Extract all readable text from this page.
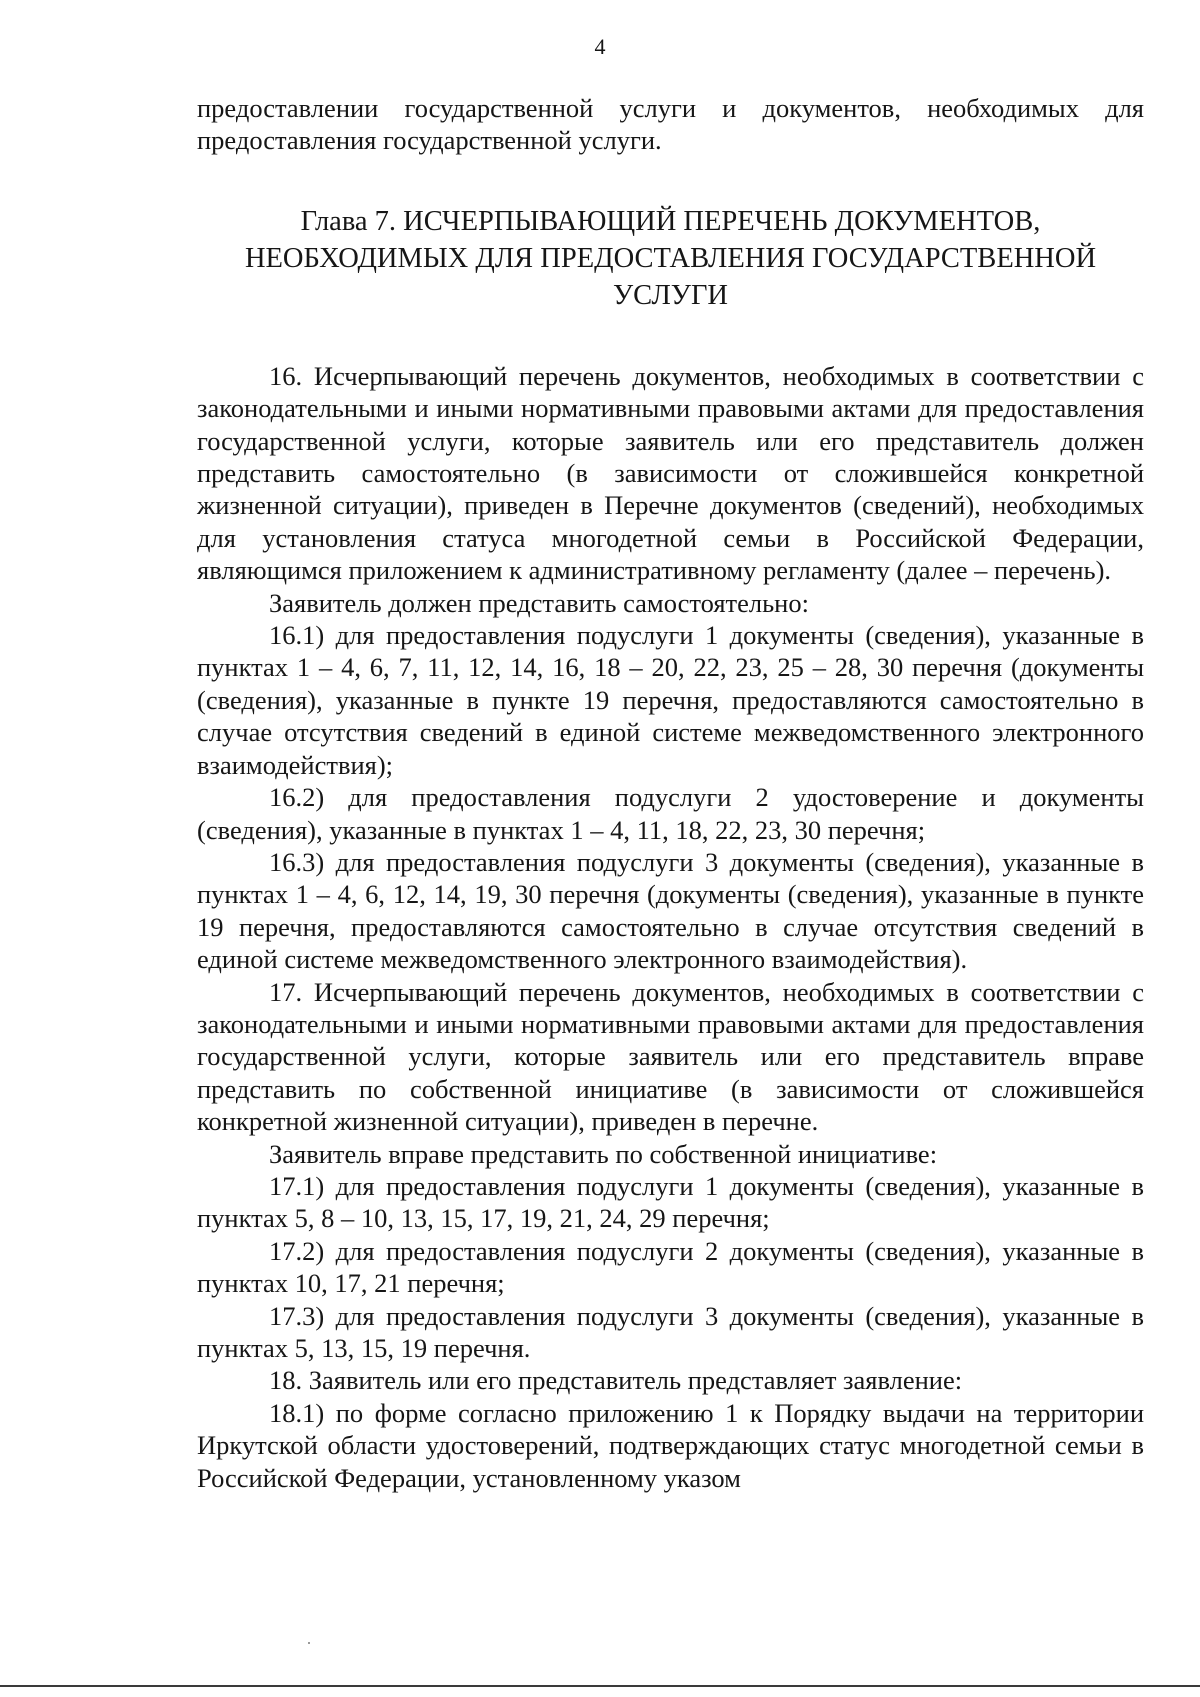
4

предоставлении государственной услуги и документов, необходимых для предоставления государственной услуги.

Глава 7. ИСЧЕРПЫВАЮЩИЙ ПЕРЕЧЕНЬ ДОКУМЕНТОВ,
НЕОБХОДИМЫХ ДЛЯ ПРЕДОСТАВЛЕНИЯ ГОСУДАРСТВЕННОЙ
УСЛУГИ

16. Исчерпывающий перечень документов, необходимых в соответствии с законодательными и иными нормативными правовыми актами для предоставления государственной услуги, которые заявитель или его представитель должен представить самостоятельно (в зависимости от сложившейся конкретной жизненной ситуации), приведен в Перечне документов (сведений), необходимых для установления статуса многодетной семьи в Российской Федерации, являющимся приложением к административному регламенту (далее – перечень).

Заявитель должен представить самостоятельно:

16.1) для предоставления подуслуги 1 документы (сведения), указанные в пунктах 1 – 4, 6, 7, 11, 12, 14, 16, 18 – 20, 22, 23, 25 – 28, 30 перечня (документы (сведения), указанные в пункте 19 перечня, предоставляются самостоятельно в случае отсутствия сведений в единой системе межведомственного электронного взаимодействия);

16.2) для предоставления подуслуги 2 удостоверение и документы (сведения), указанные в пунктах 1 – 4, 11, 18, 22, 23, 30 перечня;

16.3) для предоставления подуслуги 3 документы (сведения), указанные в пунктах 1 – 4, 6, 12, 14, 19, 30 перечня (документы (сведения), указанные в пункте 19 перечня, предоставляются самостоятельно в случае отсутствия сведений в единой системе межведомственного электронного взаимодействия).

17. Исчерпывающий перечень документов, необходимых в соответствии с законодательными и иными нормативными правовыми актами для предоставления государственной услуги, которые заявитель или его представитель вправе представить по собственной инициативе (в зависимости от сложившейся конкретной жизненной ситуации), приведен в перечне.

Заявитель вправе представить по собственной инициативе:

17.1) для предоставления подуслуги 1 документы (сведения), указанные в пунктах 5, 8 – 10, 13, 15, 17, 19, 21, 24, 29 перечня;

17.2) для предоставления подуслуги 2 документы (сведения), указанные в пунктах 10, 17, 21 перечня;

17.3) для предоставления подуслуги 3 документы (сведения), указанные в пунктах 5, 13, 15, 19 перечня.

18. Заявитель или его представитель представляет заявление:

18.1) по форме согласно приложению 1 к Порядку выдачи на территории Иркутской области удостоверений, подтверждающих статус многодетной семьи в Российской Федерации, установленному указом
